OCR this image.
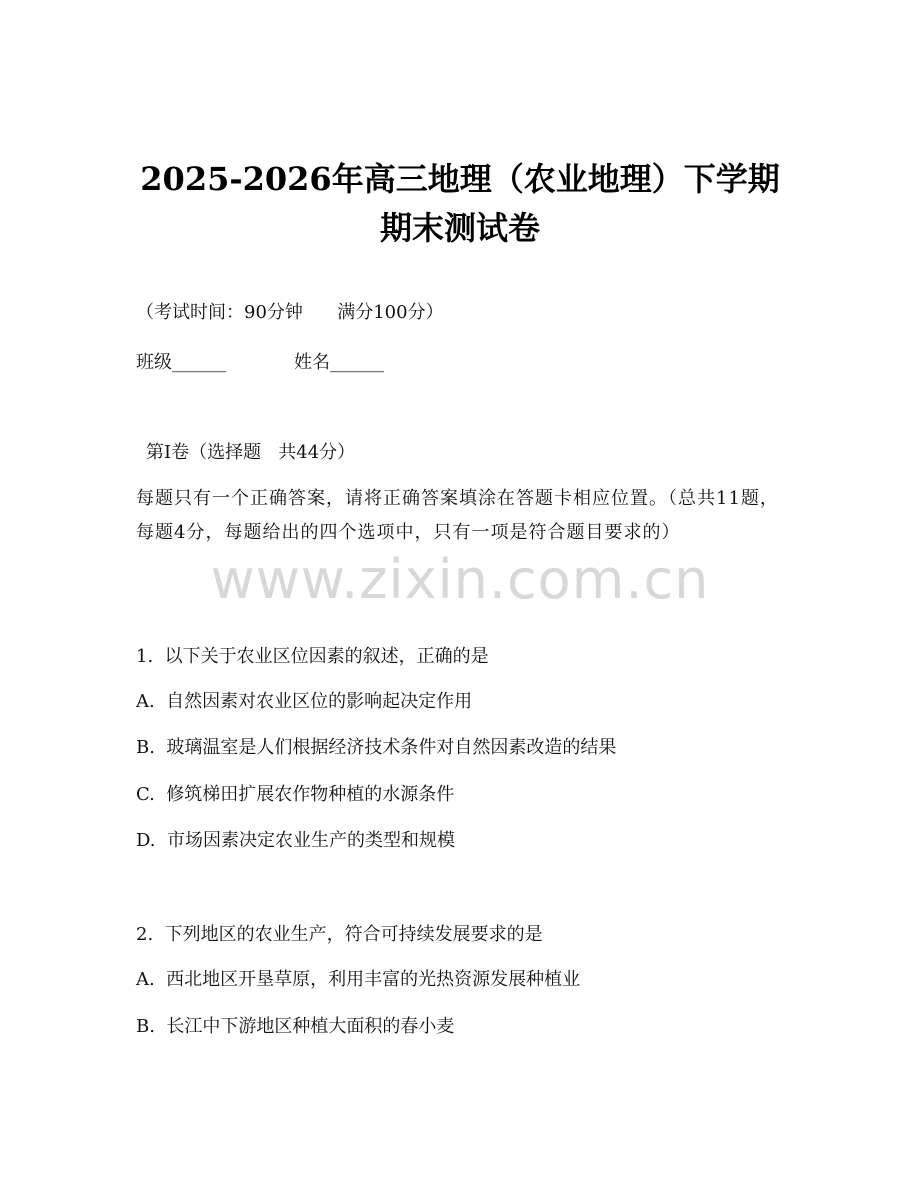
2025-2026年高三地理（农业地理）下学期
期末测试卷
（考试时间：90分钟      满分100分）
班级______	姓名______
第Ⅰ卷（选择题   共44分）
每题只有一个正确答案，请将正确答案填涂在答题卡相应位置。（总共11题，每题4分，每题给出的四个选项中，只有一项是符合题目要求的）
www.zixin.com.cn
1.  以下关于农业区位因素的叙述，正确的是
A.  自然因素对农业区位的影响起决定作用
B.  玻璃温室是人们根据经济技术条件对自然因素改造的结果
C.  修筑梯田扩展农作物种植的水源条件
D.  市场因素决定农业生产的类型和规模
2.  下列地区的农业生产，符合可持续发展要求的是
A.  西北地区开垦草原，利用丰富的光热资源发展种植业
B.  长江中下游地区种植大面积的春小麦
